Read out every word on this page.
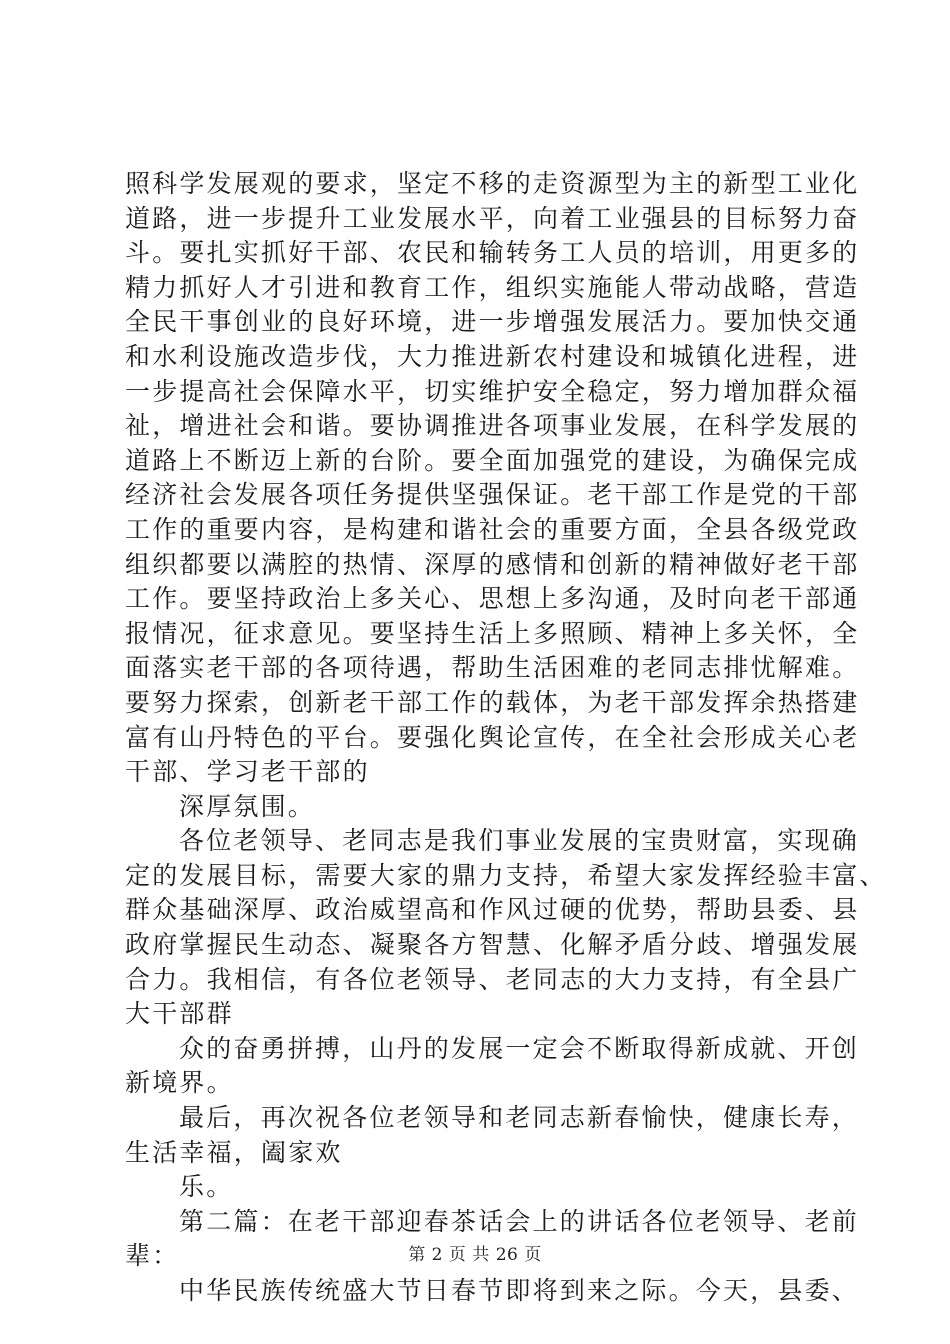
照科学发展观的要求，坚定不移的走资源型为主的新型工业化
道路，进一步提升工业发展水平，向着工业强县的目标努力奋
斗。要扎实抓好干部、农民和输转务工人员的培训，用更多的
精力抓好人才引进和教育工作，组织实施能人带动战略，营造
全民干事创业的良好环境，进一步增强发展活力。要加快交通
和水利设施改造步伐，大力推进新农村建设和城镇化进程，进
一步提高社会保障水平，切实维护安全稳定，努力增加群众福
祉，增进社会和谐。要协调推进各项事业发展，在科学发展的
道路上不断迈上新的台阶。要全面加强党的建设，为确保完成
经济社会发展各项任务提供坚强保证。老干部工作是党的干部
工作的重要内容，是构建和谐社会的重要方面，全县各级党政
组织都要以满腔的热情、深厚的感情和创新的精神做好老干部
工作。要坚持政治上多关心、思想上多沟通，及时向老干部通
报情况，征求意见。要坚持生活上多照顾、精神上多关怀，全
面落实老干部的各项待遇，帮助生活困难的老同志排忧解难。
要努力探索，创新老干部工作的载体，为老干部发挥余热搭建
富有山丹特色的平台。要强化舆论宣传，在全社会形成关心老
干部、学习老干部的
深厚氛围。
各位老领导、老同志是我们事业发展的宝贵财富，实现确
定的发展目标，需要大家的鼎力支持，希望大家发挥经验丰富、
群众基础深厚、政治威望高和作风过硬的优势，帮助县委、县
政府掌握民生动态、凝聚各方智慧、化解矛盾分歧、增强发展
合力。我相信，有各位老领导、老同志的大力支持，有全县广
大干部群
众的奋勇拼搏，山丹的发展一定会不断取得新成就、开创
新境界。
最后，再次祝各位老领导和老同志新春愉快，健康长寿，
生活幸福，阖家欢
乐。
第二篇：在老干部迎春茶话会上的讲话各位老领导、老前
辈：
中华民族传统盛大节日春节即将到来之际。今天，县委、
第 2 页 共 26 页
